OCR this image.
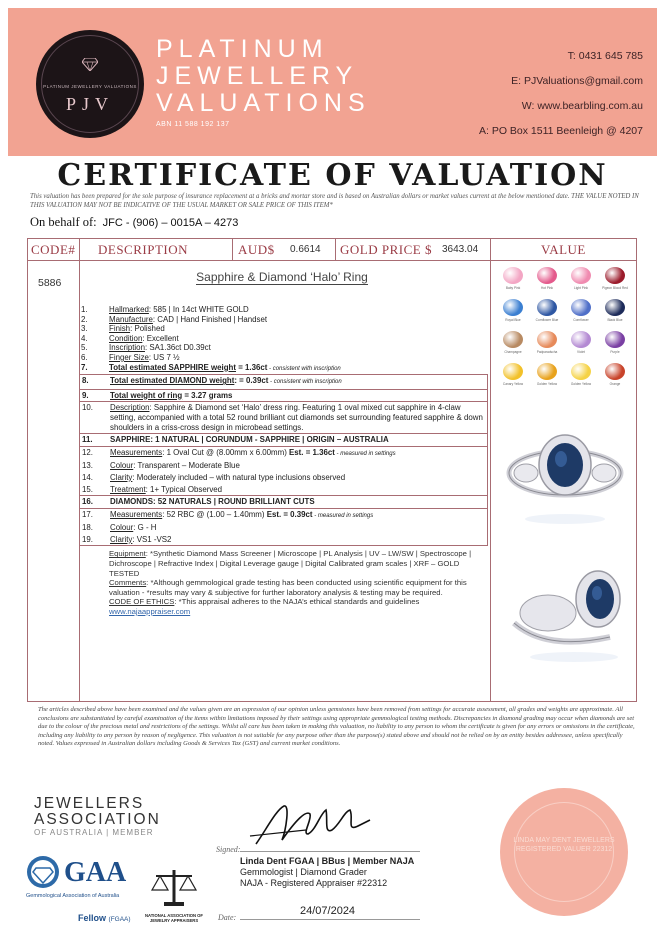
PLATINUM JEWELLERY VALUATIONS
PJV
PLATINUM
JEWELLERY
VALUATIONS
ABN 11 588 192 137
T: 0431 645 785
E: PJValuations@gmail.com
W: www.bearbling.com.au
A: PO Box 1511 Beenleigh @ 4207
CERTIFICATE OF VALUATION
This valuation has been prepared for the sole purpose of insurance replacement at a bricks and mortar store and is based on Australian dollars or market values current at the below mentioned date. THE VALUE NOTED IN THIS VALUATION MAY NOT BE INDICATIVE OF THE USUAL MARKET OR SALE PRICE OF THIS ITEM*
On behalf of: JFC - (906) – 0015A – 4273
CODE# DESCRIPTION	AUD$ 0.6614 GOLD PRICE $ 3643.04	VALUE
5886	Sapphire & Diamond ‘Halo’ Ring
1.	Hallmarked: 585 | In 14ct WHITE GOLD
2.	Manufacture: CAD | Hand Finished | Handset
3.	Finish: Polished
4.	Condition: Excellent
5.	Inscription: SA1.36ct D0.39ct
6.	Finger Size: US 7 ½
7.	Total estimated SAPPHIRE weight = 1.36ct - consistent with inscription
8.	Total estimated DIAMOND weight: = 0.39ct - consistent with inscription
9.	Total weight of ring = 3.27 grams
10.	Description: Sapphire & Diamond set ‘Halo’ dress ring. Featuring 1 oval mixed cut sapphire in 4-claw setting, accompanied with a total 52 round brilliant cut diamonds set surrounding featured sapphire & down shoulders in a criss-cross design in microbead settings.
11.	SAPPHIRE: 1 NATURAL | CORUNDUM - SAPPHIRE | ORIGIN – AUSTRALIA
12.	Measurements: 1 Oval Cut @ (8.00mm x 6.00mm) Est. = 1.36ct - measured in settings
13.	Colour: Transparent – Moderate Blue
14.	Clarity: Moderately included – with natural type inclusions observed
15.	Treatment: 1+ Typical Observed
16.	DIAMONDS: 52 NATURALS | ROUND BRILLIANT CUTS
17.	Measurements: 52 RBC @ (1.00 – 1.40mm) Est. = 0.39ct - measured in settings
18.	Colour: G - H
19.	Clarity: VS1 -VS2
Equipment: *Synthetic Diamond Mass Screener | Microscope | PL Analysis | UV – LW/SW | Spectroscope | Dichroscope | Refractive Index | Digital Leverage gauge | Digital Calibrated gram scales | XRF – GOLD TESTED
Comments: *Although gemmological grade testing has been conducted using scientific equipment for this valuation - *results may vary & subjective for further laboratory analysis & testing may be required.
CODE OF ETHICS: *This appraisal adheres to the NAJA’s ethical standards and guidelines
www.najaappraiser.com
Baby Pink	Hot Pink	Light Pink	Pigeon Blood Red
Royal Blue	Cornflower Blue	Cornflower	Black Blue
Champagne	Padparadscha	Violet	Purple
Canary Yellow	Golden Yellow	Golden Yellow	Orange
The articles described above have been examined and the values given are an expression of our opinion unless gemstones have been removed from settings for accurate assessment, all grades and weights are approximate. All conclusions are substantiated by careful examination of the items within limitations imposed by their settings using appropriate gemmological testing methods. Discrepancies in diamond grading may occur when diamonds are set due to the colour of the precious metal and restrictions of the settings. Whilst all care has been taken in making this valuation, no liability to any person to whom the certificate is given for any errors or omissions in the certificate, including any liability to any person by reason of negligence. This valuation is not suitable for any purpose other than the purpose(s) stated above and should not be relied on by an entity besides addressee, unless specifically noted. Values expressed in Australian dollars including Goods & Services Tax (GST) and current market conditions.
JEWELLERS
ASSOCIATION
OF AUSTRALIA | MEMBER
GAA
Gemmological Association of Australia
Fellow (FGAA)
NATIONAL ASSOCIATION OF JEWELRY APPRAISERS
Signed:
Linda Dent FGAA | BBus | Member NAJA
Gemmologist | Diamond Grader
NAJA - Registered Appraiser #22312
Date:
24/07/2024
LINDA MAY DENT JEWELLERS REGISTERED VALUER 22312
